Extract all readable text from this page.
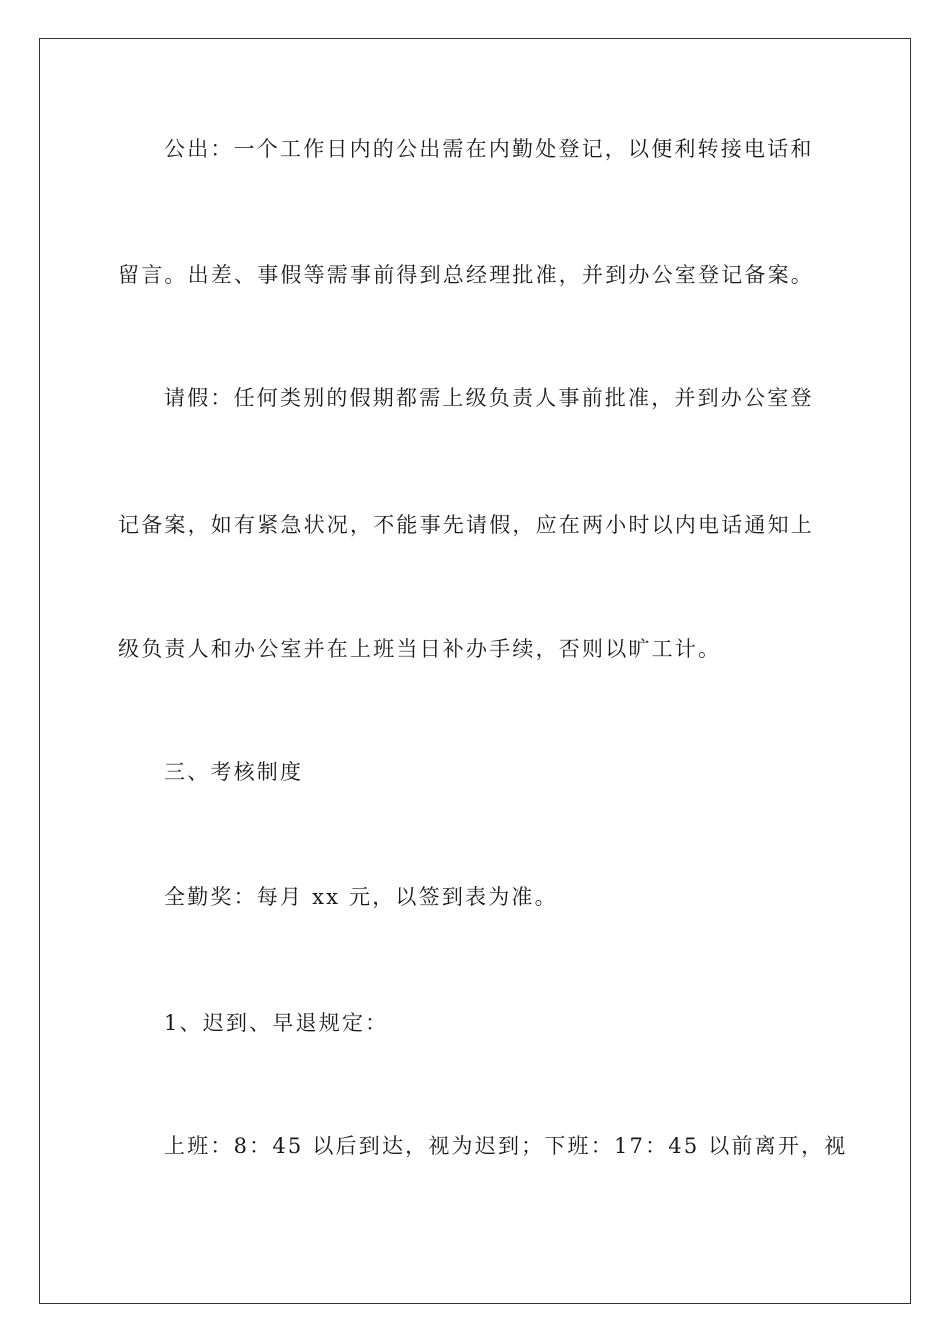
公出：一个工作日内的公出需在内勤处登记，以便利转接电话和
留言。出差、事假等需事前得到总经理批准，并到办公室登记备案。
请假：任何类别的假期都需上级负责人事前批准，并到办公室登
记备案，如有紧急状况，不能事先请假，应在两小时以内电话通知上
级负责人和办公室并在上班当日补办手续，否则以旷工计。
三、考核制度
全勤奖：每月 xx 元，以签到表为准。
1、迟到、早退规定：
上班：8：45 以后到达，视为迟到；下班：17：45 以前离开，视
